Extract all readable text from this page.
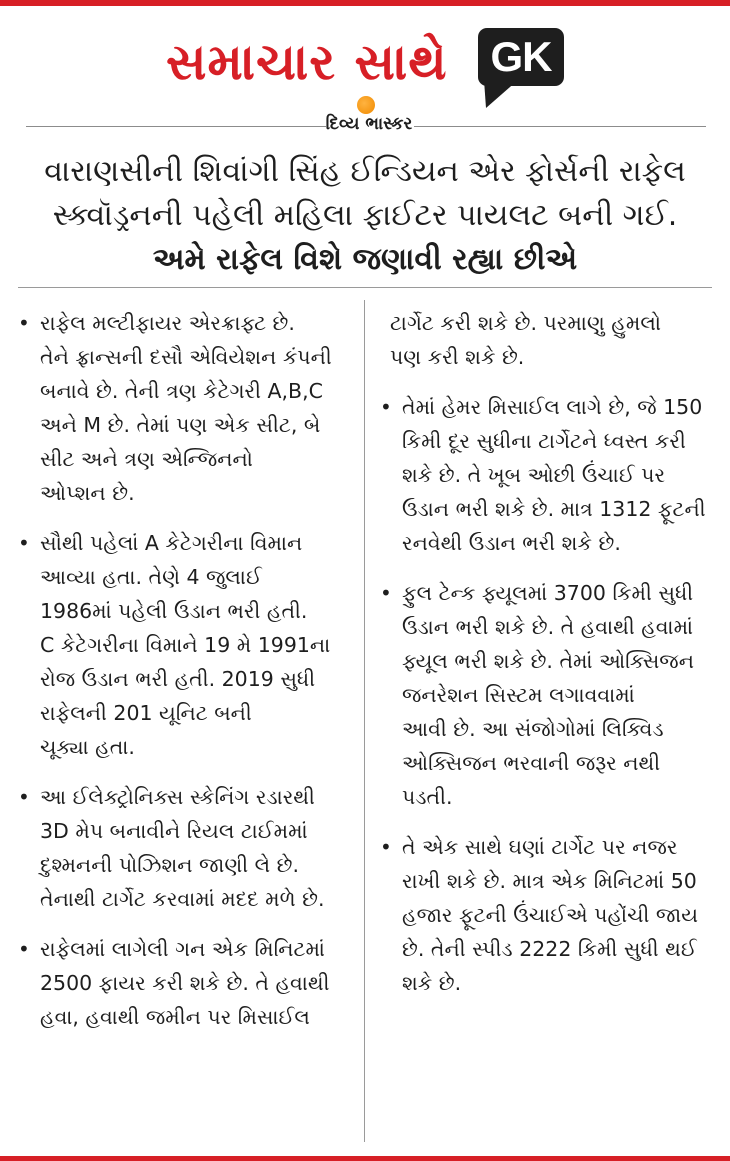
સમાચાર સાથે GK
દિવ્ય ભાસ્કર
વારાણસીની શિવાંગી સિંહ ઈન્ડિયન એર ફોર્સની રાફેલ
સ્ક્વૉડ્રનની પહેલી મહિલા ફાઈટર પાયલટ બની ગઈ.
અમે રાફેલ વિશે જણાવી રહ્યા છીએ
• રાફેલ મલ્ટીફાયર એરક્રાફ્ટ છે.
તેને ફ્રાન્સની દસૌ એવિયેશન કંપની
બનાવે છે. તેની ત્રણ કેટેગરી A,B,C
અને M છે. તેમાં પણ એક સીટ, બે
સીટ અને ત્રણ એન્જિનનો
ઓપ્શન છે.
• સૌથી પહેલાં A કેટેગરીના વિમાન
આવ્યા હતા. તેણે 4 જુલાઈ
1986માં પહેલી ઉડાન ભરી હતી.
C કેટેગરીના વિમાને 19 મે 1991ના
રોજ ઉડાન ભરી હતી. 2019 સુધી
રાફેલની 201 યૂનિટ બની
ચૂક્યા હતા.
• આ ઈલેક્ટ્રોનિક્સ સ્કેનિંગ રડારથી
3D મેપ બનાવીને રિયલ ટાઈમમાં
દુશ્મનની પોઝિશન જાણી લે છે.
તેનાથી ટાર્ગેટ કરવામાં મદદ મળે છે.
• રાફેલમાં લાગેલી ગન એક મિનિટમાં
2500 ફાયર કરી શકે છે. તે હવાથી
હવા, હવાથી જમીન પર મિસાઈલ
ટાર્ગેટ કરી શકે છે. પરમાણુ હુમલો
પણ કરી શકે છે.
• તેમાં હેમર મિસાઈલ લાગે છે, જે 150
કિમી દૂર સુધીના ટાર્ગેટને ધ્વસ્ત કરી
શકે છે. તે ખૂબ ઓછી ઉંચાઈ પર
ઉડાન ભરી શકે છે. માત્ર 1312 ફૂટની
રનવેથી ઉડાન ભરી શકે છે.
• ફુલ ટેન્ક ફ્યૂલમાં 3700 કિમી સુધી
ઉડાન ભરી શકે છે. તે હવાથી હવામાં
ફ્યૂલ ભરી શકે છે. તેમાં ઓક્સિજન
જનરેશન સિસ્ટમ લગાવવામાં
આવી છે. આ સંજોગોમાં લિક્વિડ
ઓક્સિજન ભરવાની જરૂર નથી
પડતી.
• તે એક સાથે ઘણાં ટાર્ગેટ પર નજર
રાખી શકે છે. માત્ર એક મિનિટમાં 50
હજાર ફૂટની ઉંચાઈએ પહોંચી જાય
છે. તેની સ્પીડ 2222 કિમી સુધી થઈ
શકે છે.
